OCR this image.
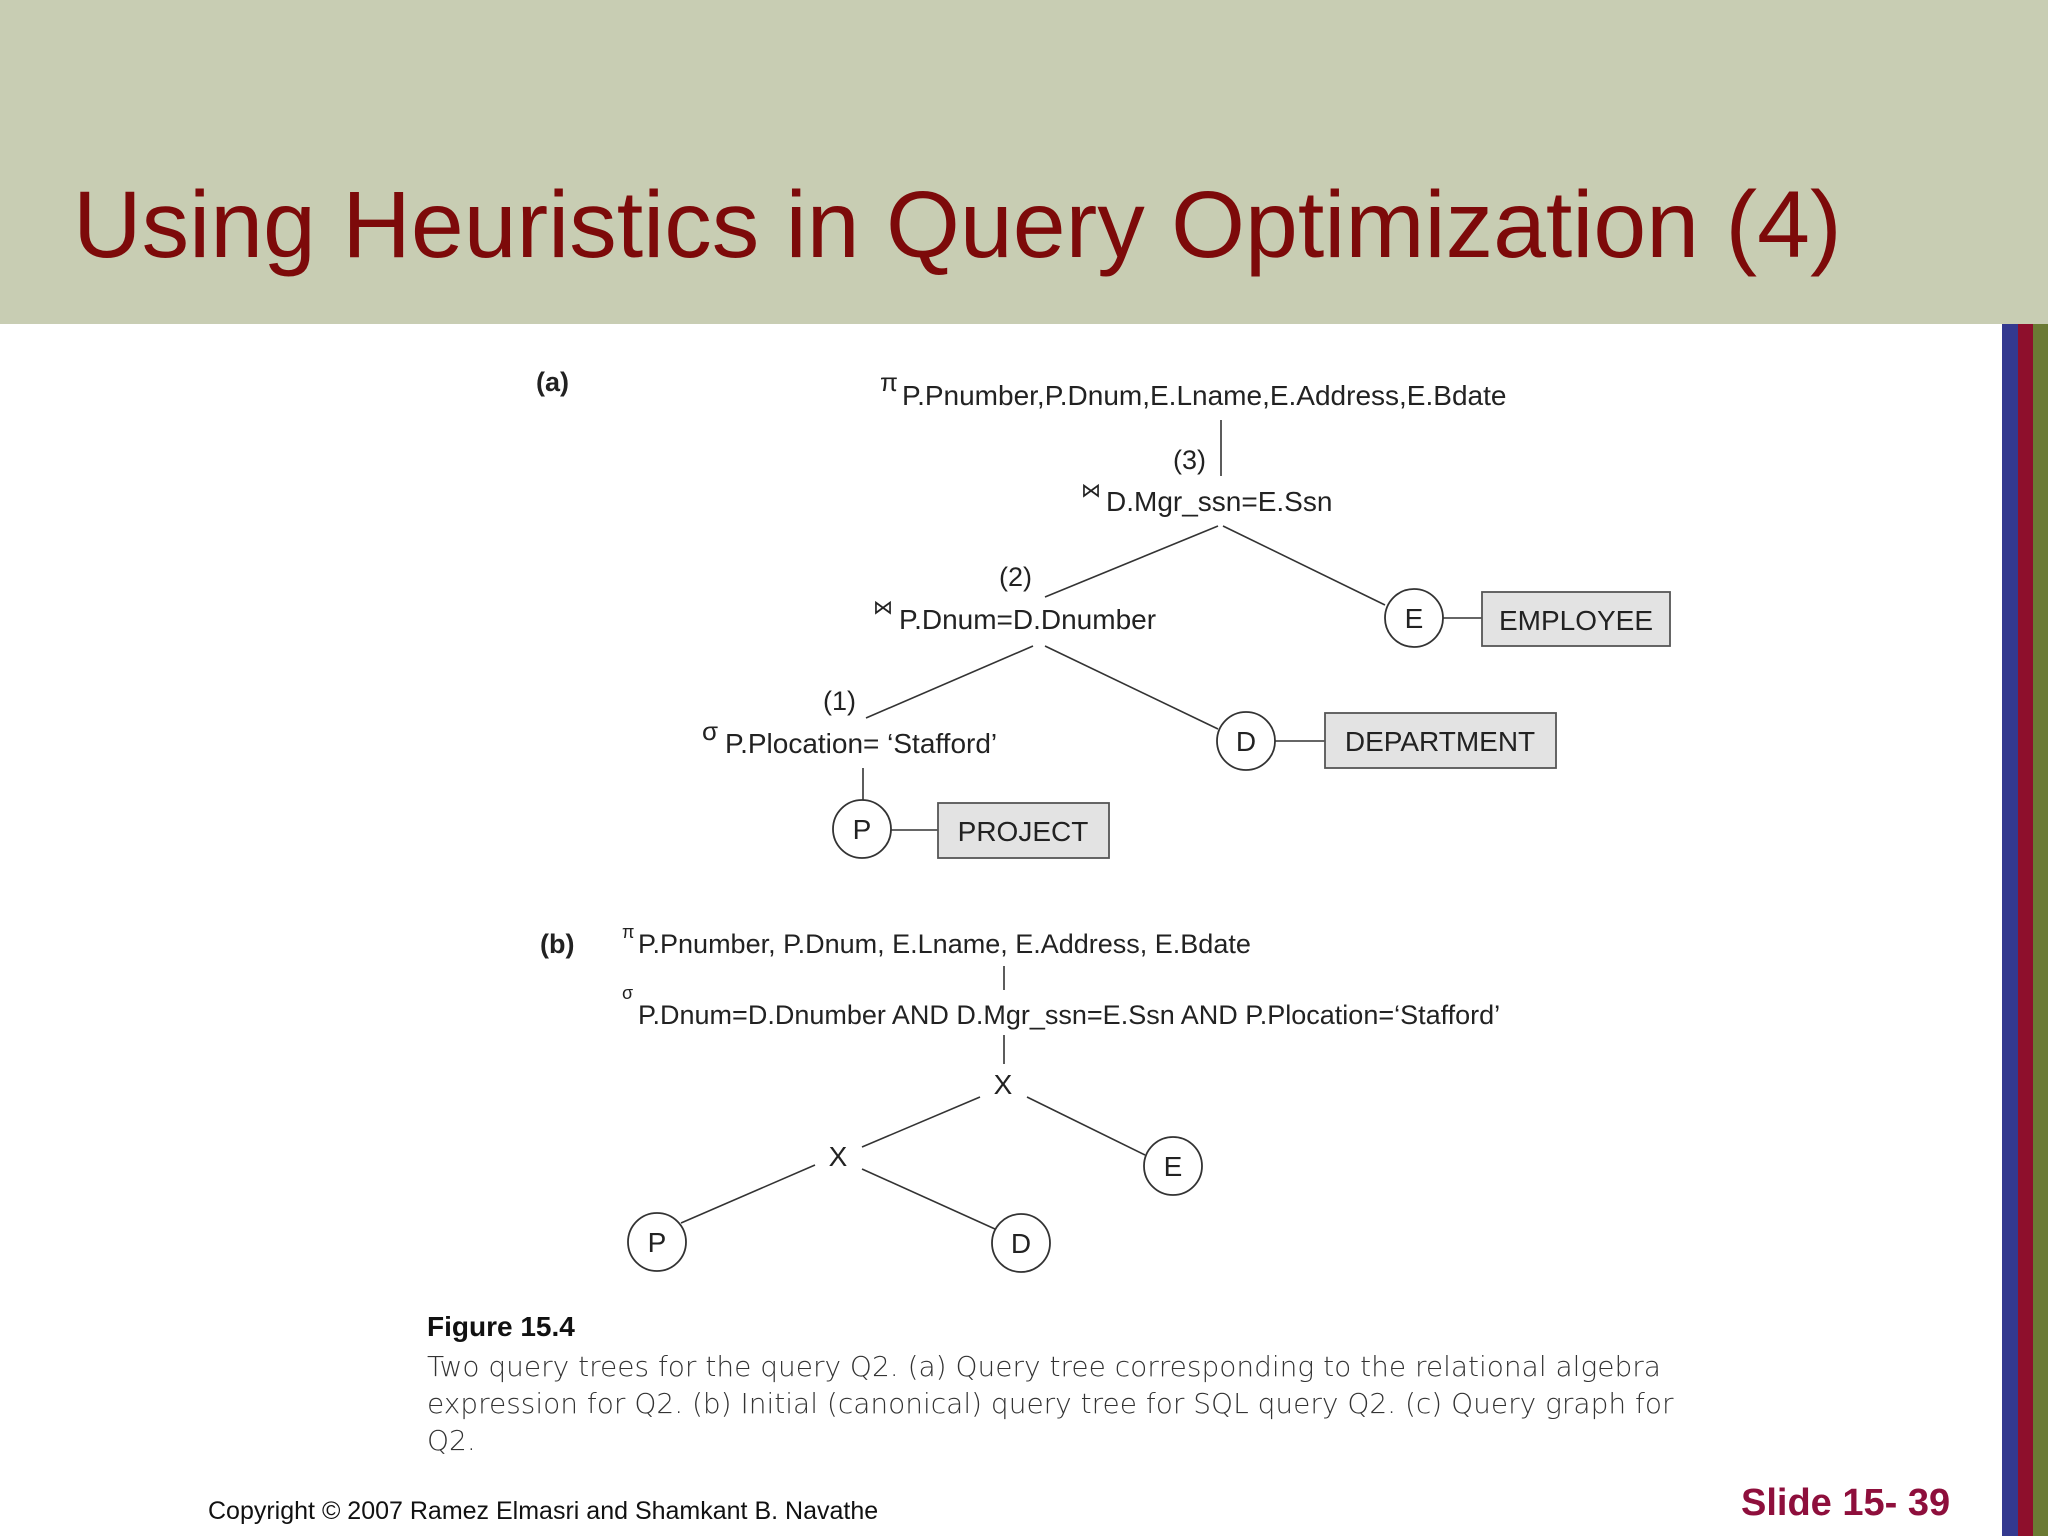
Using Heuristics in Query Optimization (4)
(a)	π P.Pnumber,P.Dnum,E.Lname,E.Address,E.Bdate
(3)
⋈ D.Mgr_ssn=E.Ssn
(2)
⋈ P.Dnum=D.Dnumber	E	EMPLOYEE
(1)
σ P.Plocation= ‘Stafford’	D	DEPARTMENT
P	PROJECT
(b)	π P.Pnumber, P.Dnum, E.Lname, E.Address, E.Bdate
σ
P.Dnum=D.Dnumber AND D.Mgr_ssn=E.Ssn AND P.Plocation=‘Stafford’
X
X	E
P	D
Figure 15.4
Two query trees for the query Q2. (a) Query tree corresponding to the relational algebra expression for Q2. (b) Initial (canonical) query tree for SQL query Q2. (c) Query graph for Q2.
Copyright © 2007 Ramez Elmasri and Shamkant B. Navathe	Slide 15- 39
